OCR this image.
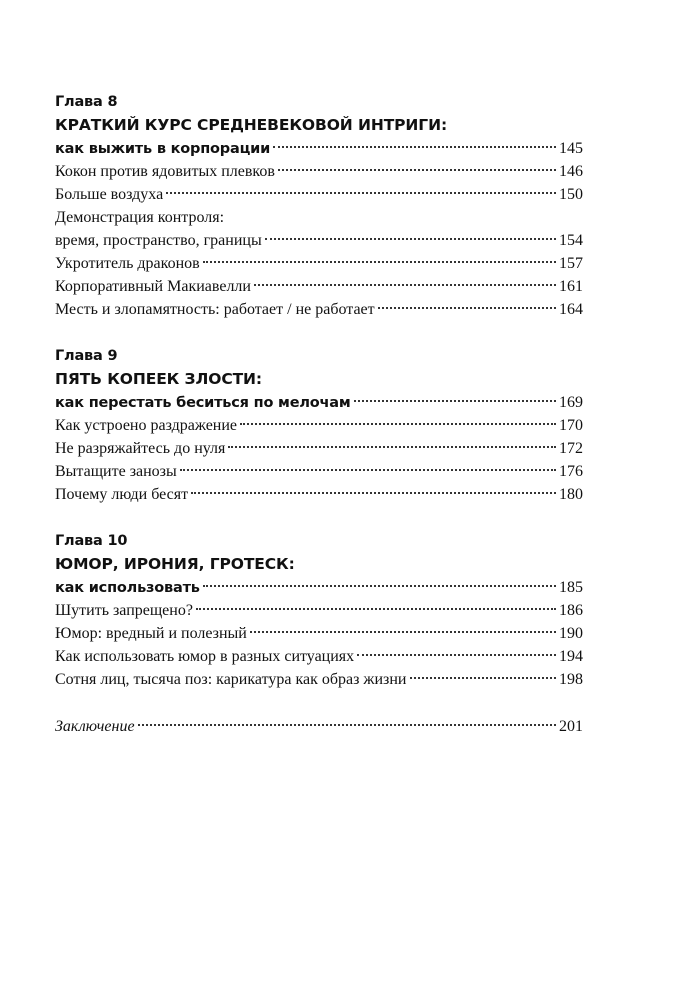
Глава 8
КРАТКИЙ КУРС СРЕДНЕВЕКОВОЙ ИНТРИГИ:
как выжить в корпорации	145
Кокон против ядовитых плевков	146
Больше воздуха	150
Демонстрация контроля:
время, пространство, границы	154
Укротитель драконов	157
Корпоративный Макиавелли	161
Месть и злопамятность: работает / не работает	164
Глава 9
ПЯТЬ КОПЕЕК ЗЛОСТИ:
как перестать беситься по мелочам	169
Как устроено раздражение	170
Не разряжайтесь до нуля	172
Вытащите занозы	176
Почему люди бесят	180
Глава 10
ЮМОР, ИРОНИЯ, ГРОТЕСК:
как использовать	185
Шутить запрещено?	186
Юмор: вредный и полезный	190
Как использовать юмор в разных ситуациях	194
Сотня лиц, тысяча поз: карикатура как образ жизни	198
Заключение	201
